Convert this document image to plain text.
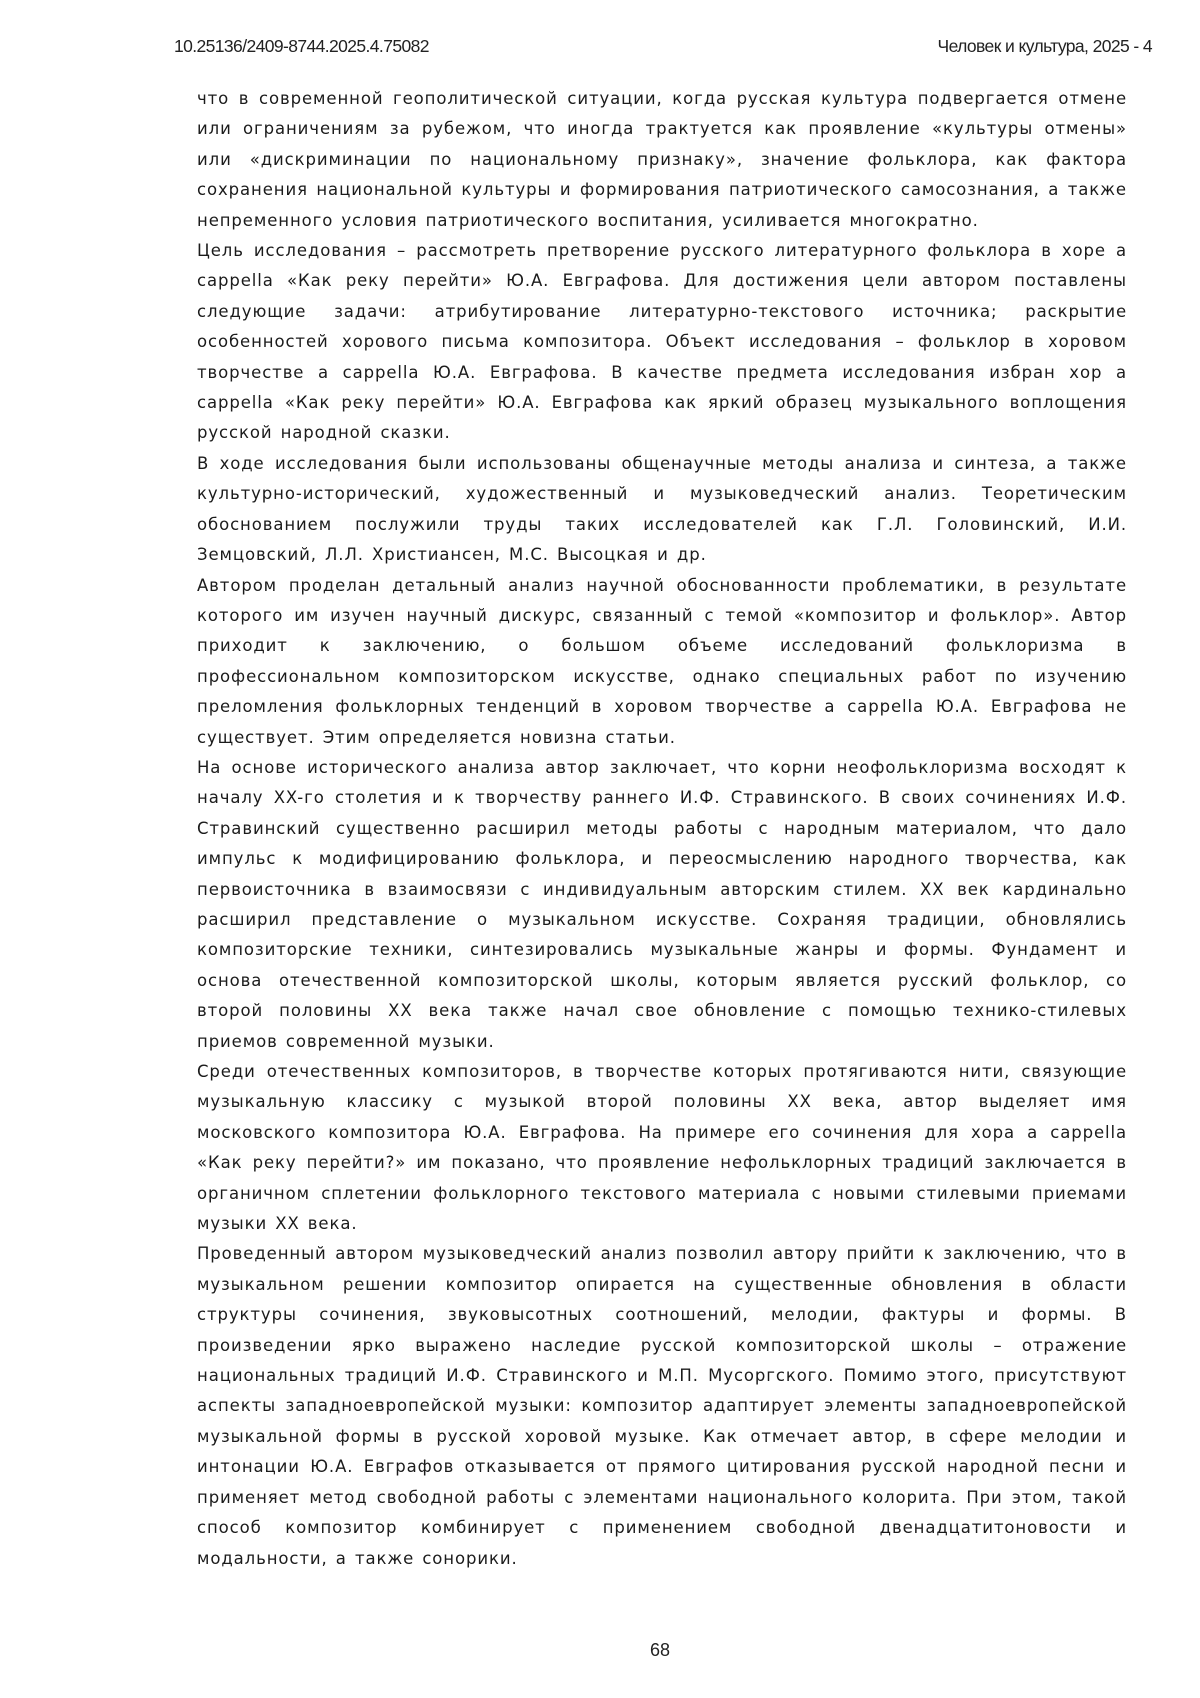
10.25136/2409-8744.2025.4.75082	Человек и культура, 2025 - 4

что в современной геополитической ситуации, когда русская культура подвергается отмене или ограничениям за рубежом, что иногда трактуется как проявление «культуры отмены» или «дискриминации по национальному признаку», значение фольклора, как фактора сохранения национальной культуры и формирования патриотического самосознания, а также непременного условия патриотического воспитания, усиливается многократно.

Цель исследования – рассмотреть претворение русского литературного фольклора в хоре a cappella «Как реку перейти» Ю.А. Евграфова. Для достижения цели автором поставлены следующие задачи: атрибутирование литературно-текстового источника; раскрытие особенностей хорового письма композитора. Объект исследования – фольклор в хоровом творчестве a cappella Ю.А. Евграфова. В качестве предмета исследования избран хор a cappella «Как реку перейти» Ю.А. Евграфова как яркий образец музыкального воплощения русской народной сказки.

В ходе исследования были использованы общенаучные методы анализа и синтеза, а также культурно-исторический, художественный и музыковедческий анализ. Теоретическим обоснованием послужили труды таких исследователей как Г.Л. Головинский, И.И. Земцовский, Л.Л. Христиансен, М.С. Высоцкая и др.

Автором проделан детальный анализ научной обоснованности проблематики, в результате которого им изучен научный дискурс, связанный с темой «композитор и фольклор». Автор приходит к заключению, о большом объеме исследований фольклоризма в профессиональном композиторском искусстве, однако специальных работ по изучению преломления фольклорных тенденций в хоровом творчестве a cappella Ю.А. Евграфова не существует. Этим определяется новизна статьи.

На основе исторического анализа автор заключает, что корни неофольклоризма восходят к началу XX-го столетия и к творчеству раннего И.Ф. Стравинского. В своих сочинениях И.Ф. Стравинский существенно расширил методы работы с народным материалом, что дало импульс к модифицированию фольклора, и переосмыслению народного творчества, как первоисточника в взаимосвязи с индивидуальным авторским стилем. XX век кардинально расширил представление о музыкальном искусстве. Сохраняя традиции, обновлялись композиторские техники, синтезировались музыкальные жанры и формы. Фундамент и основа отечественной композиторской школы, которым является русский фольклор, со второй половины XX века также начал свое обновление с помощью технико-стилевых приемов современной музыки.

Среди отечественных композиторов, в творчестве которых протягиваются нити, связующие музыкальную классику с музыкой второй половины XX века, автор выделяет имя московского композитора Ю.А. Евграфова. На примере его сочинения для хора a cappella «Как реку перейти?» им показано, что проявление нефольклорных традиций заключается в органичном сплетении фольклорного текстового материала с новыми стилевыми приемами музыки XX века.

Проведенный автором музыковедческий анализ позволил автору прийти к заключению, что в музыкальном решении композитор опирается на существенные обновления в области структуры сочинения, звуковысотных соотношений, мелодии, фактуры и формы. В произведении ярко выражено наследие русской композиторской школы – отражение национальных традиций И.Ф. Стравинского и М.П. Мусоргского. Помимо этого, присутствуют аспекты западноевропейской музыки: композитор адаптирует элементы западноевропейской музыкальной формы в русской хоровой музыке. Как отмечает автор, в сфере мелодии и интонации Ю.А. Евграфов отказывается от прямого цитирования русской народной песни и применяет метод свободной работы с элементами национального колорита. При этом, такой способ композитор комбинирует с применением свободной двенадцатитоновости и модальности, а также сонорики.

68
